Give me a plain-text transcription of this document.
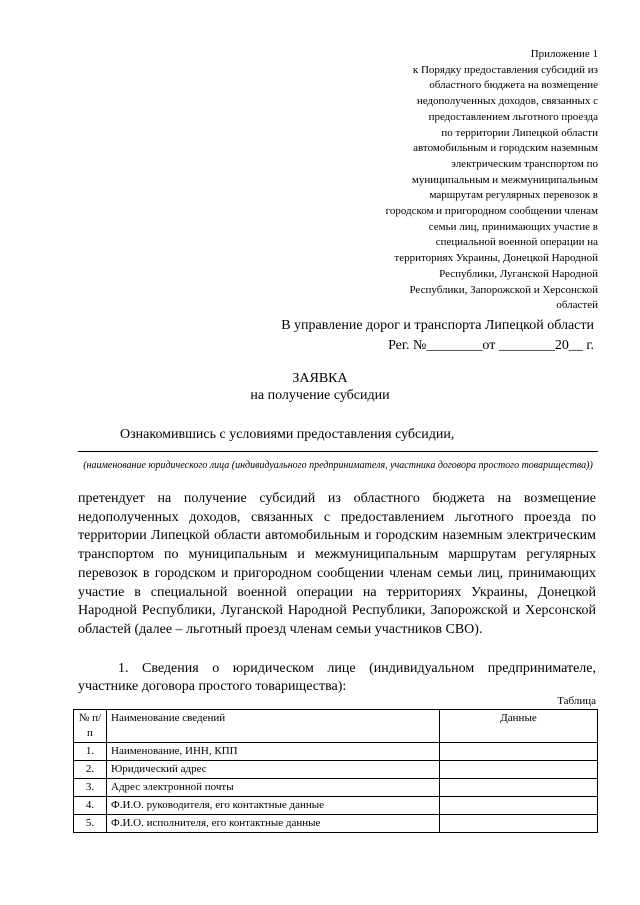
Приложение 1
к Порядку предоставления субсидий из
областного бюджета на возмещение
недополученных доходов, связанных с
предоставлением льготного проезда
по территории Липецкой области
автомобильным и городским наземным
электрическим транспортом по
муниципальным и межмуниципальным
маршрутам регулярных перевозок в
городском и пригородном сообщении членам
семьи лиц, принимающих участие в
специальной военной операции на
территориях Украины, Донецкой Народной
Республики, Луганской Народной
Республики, Запорожской и Херсонской
областей
В управление дорог и транспорта Липецкой области
Рег. №________от ________20__ г.
ЗАЯВКА
на получение субсидии
Ознакомившись с условиями предоставления субсидии,
(наименование юридического лица (индивидуального предпринимателя, участника договора простого товарищества))
претендует на получение субсидий из областного бюджета на возмещение недополученных доходов, связанных с предоставлением льготного проезда по территории Липецкой области автомобильным и городским наземным электрическим транспортом по муниципальным и межмуниципальным маршрутам регулярных перевозок в городском и пригородном сообщении членам семьи лиц, принимающих участие в специальной военной операции на территориях Украины, Донецкой Народной Республики, Луганской Народной Республики, Запорожской и Херсонской областей (далее – льготный проезд членам семьи участников СВО).
1. Сведения о юридическом лице (индивидуальном предпринимателе, участнике договора простого товарищества):
Таблица
№ п/п	Наименование сведений	Данные
1.	Наименование, ИНН, КПП	
2.	Юридический адрес	
3.	Адрес электронной почты	
4.	Ф.И.О. руководителя, его контактные данные	
5.	Ф.И.О. исполнителя, его контактные данные	
